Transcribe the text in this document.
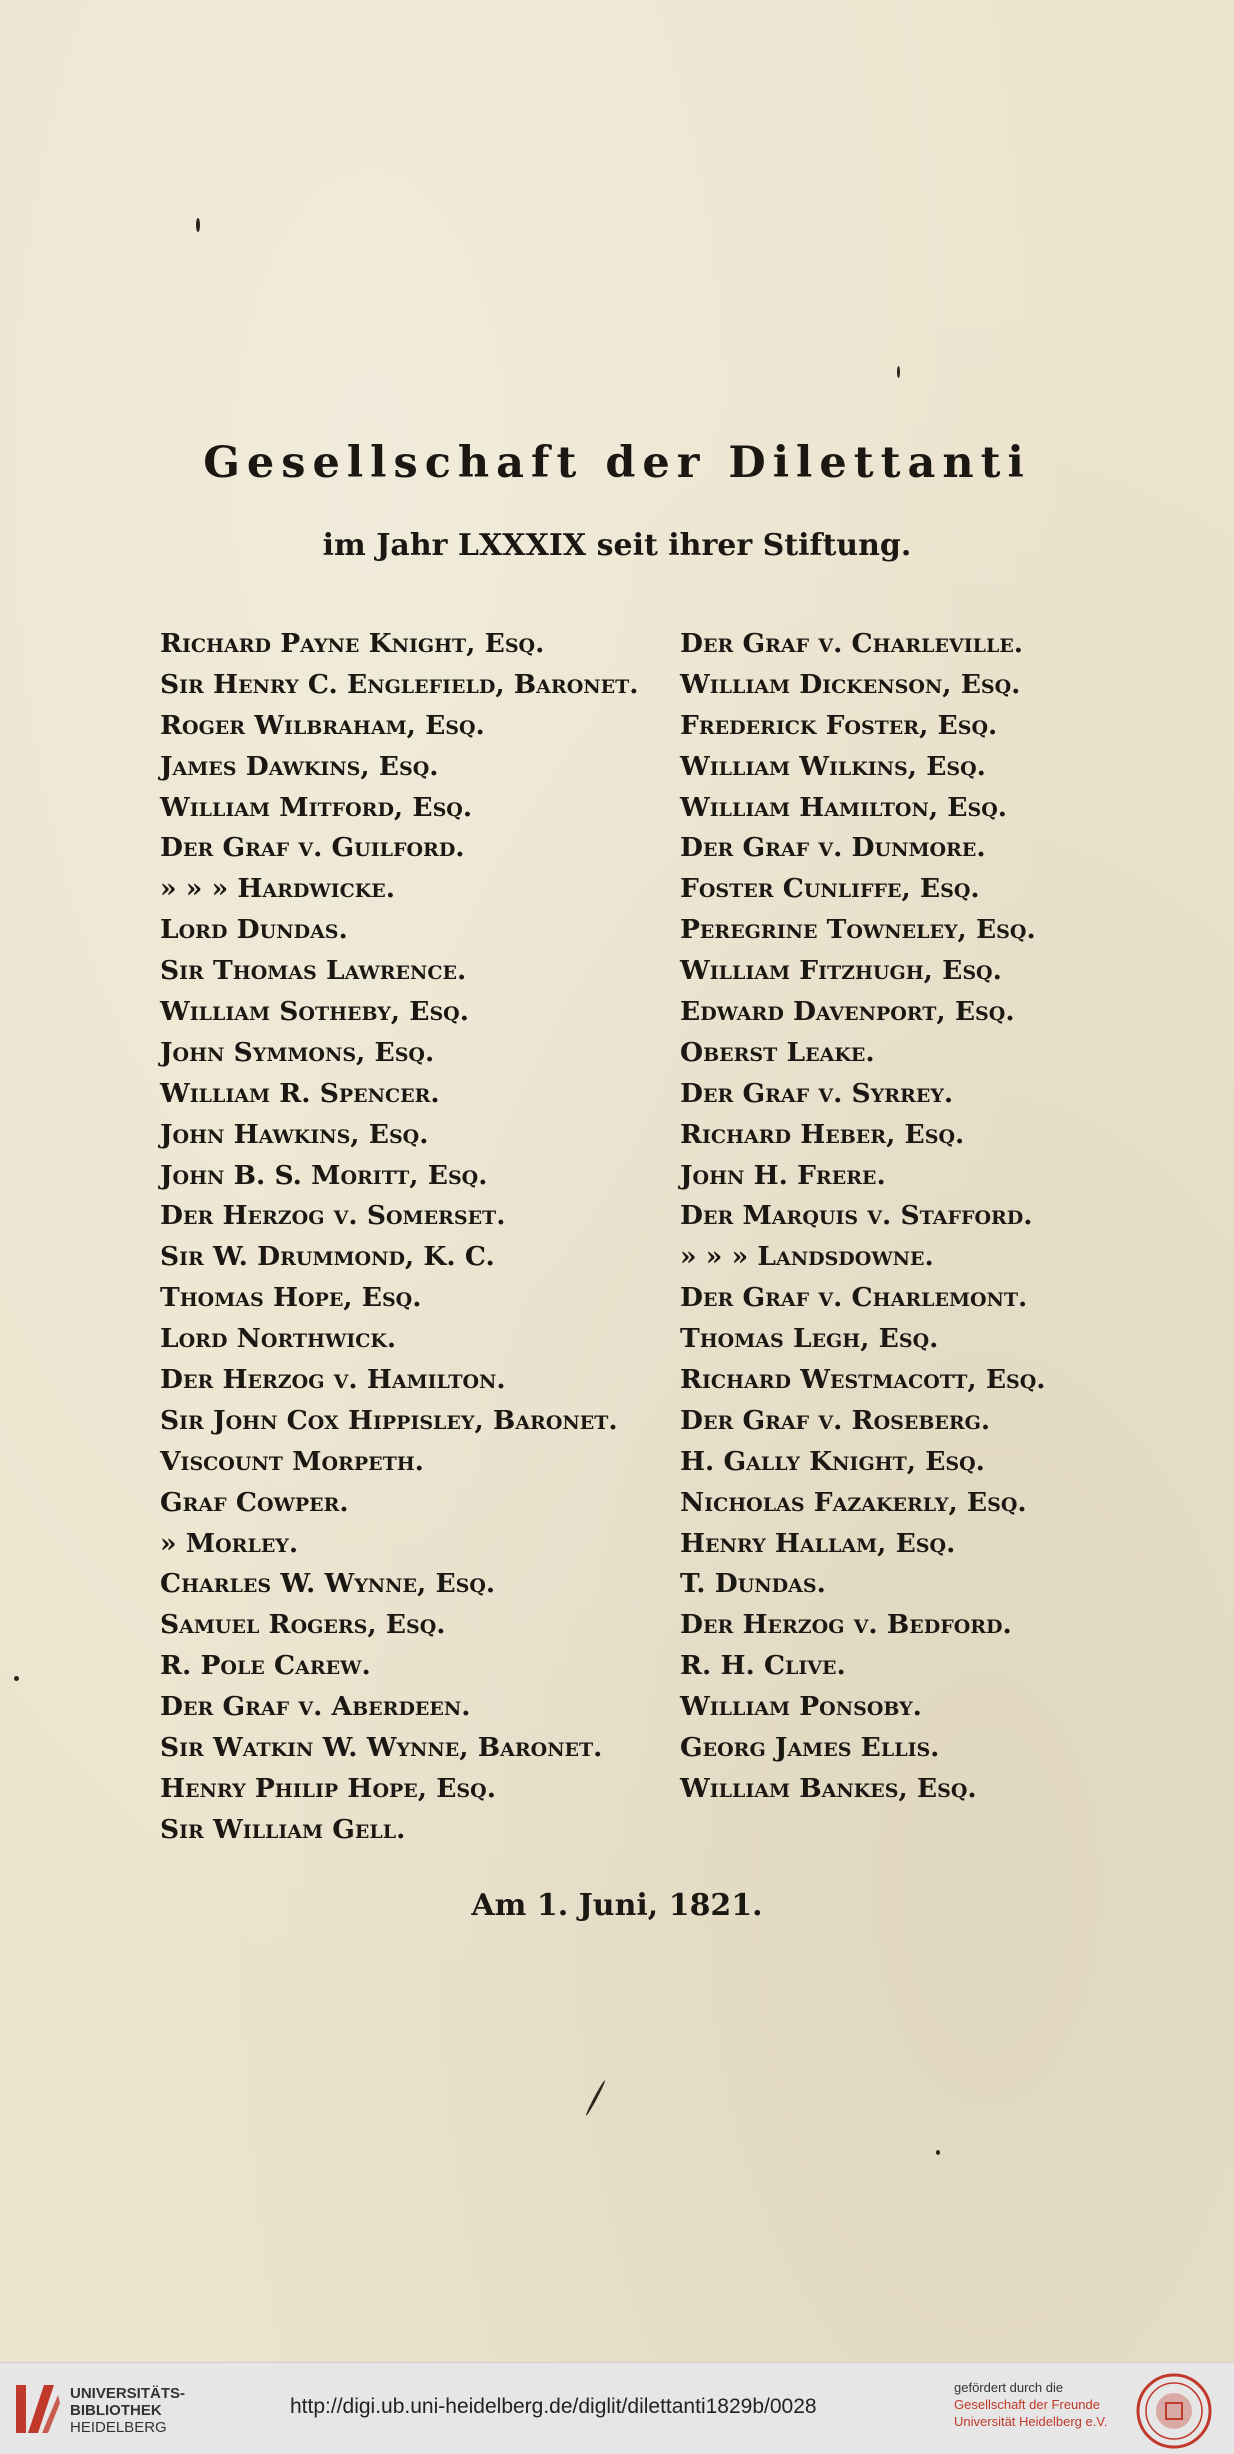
Gesellschaft der Dilettanti
im Jahr LXXXIX seit ihrer Stiftung.
Richard Payne Knight, Esq.
Sir Henry C. Englefield, Baronet.
Roger Wilbraham, Esq.
James Dawkins, Esq.
William Mitford, Esq.
Der Graf v. Guilford.
» » » Hardwicke.
Lord Dundas.
Sir Thomas Lawrence.
William Sotheby, Esq.
John Symmons, Esq.
William R. Spencer.
John Hawkins, Esq.
John B. S. Moritt, Esq.
Der Herzog v. Somerset.
Sir W. Drummond, K. C.
Thomas Hope, Esq.
Lord Northwick.
Der Herzog v. Hamilton.
Sir John Cox Hippisley, Baronet.
Viscount Morpeth.
Graf Cowper.
» Morley.
Charles W. Wynne, Esq.
Samuel Rogers, Esq.
R. Pole Carew.
Der Graf v. Aberdeen.
Sir Watkin W. Wynne, Baronet.
Henry Philip Hope, Esq.
Sir William Gell.
Der Graf v. Charleville.
William Dickenson, Esq.
Frederick Foster, Esq.
William Wilkins, Esq.
William Hamilton, Esq.
Der Graf v. Dunmore.
Foster Cunliffe, Esq.
Peregrine Towneley, Esq.
William Fitzhugh, Esq.
Edward Davenport, Esq.
Oberst Leake.
Der Graf v. Syrrey.
Richard Heber, Esq.
John H. Frere.
Der Marquis v. Stafford.
» » » Landsdowne.
Der Graf v. Charlemont.
Thomas Legh, Esq.
Richard Westmacott, Esq.
Der Graf v. Roseberg.
H. Gally Knight, Esq.
Nicholas Fazakerly, Esq.
Henry Hallam, Esq.
T. Dundas.
Der Herzog v. Bedford.
R. H. Clive.
William Ponsoby.
Georg James Ellis.
William Bankes, Esq.
Am 1. Juni, 1821.
UNIVERSITÄTS-
BIBLIOTHEK
HEIDELBERG
http://digi.ub.uni-heidelberg.de/diglit/dilettanti1829b/0028
gefördert durch die
Gesellschaft der Freunde
Universität Heidelberg e.V.
